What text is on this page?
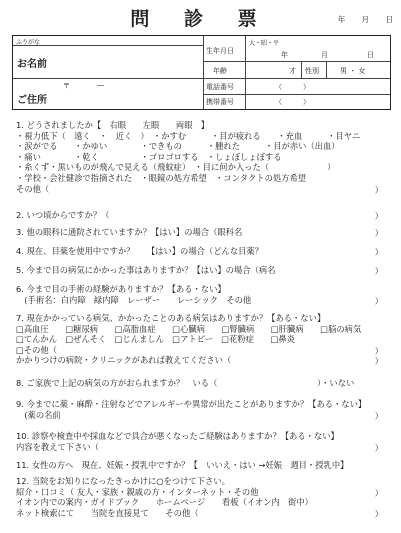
問 診 票	年 月 日
ふりがな
お名前
ご住所
〒	―
生年月日
大・昭・平
年	月	日
年齢	才 性別	男 ・ 女
電話番号	（　　　）
携帯番号	（　　　）
1. どうされましたか【　右眼　　左眼　　両眼　】
・視力低下（　遠く　・　近く　）　・かすむ　　　・目が疲れる　　・充血　　　・目ヤニ
・涙がでる　　・かゆい　　　　・できもの　　　・腫れた　　　・目が赤い（出血）
・痛い　　　　・乾く　　　　　・ゴロゴロする　・しょぼしょぼする
・糸くず・黒いものが飛んで見える（飛蚊症）　・目に何か入った（　　　　　　　）
・学校・会社健診で指摘された　・眼鏡の処方希望　・コンタクトの処方希望
その他（	）
2. いつ頃からですか？（	）
3. 他の眼科に通院されていますか？【はい】の場合（眼科名	）
4. 現在、目薬を使用中ですか？　　【はい】の場合（どんな目薬？	）
5. 今まで目の病気にかかった事はありますか？【はい】の場合（病名	）
6. 今まで目の手術の経験がありますか？【ある・ない】
　(手術名：白内障　緑内障　レーザー　　レーシック　その他	）
7. 現在かかっている病気、かかったことのある病気はありますか？【ある・ない】
□高血圧　　□糖尿病　　□高脂血症　　□心臓病　　□腎臓病　　□肝臓病　　□脳の病気
□てんかん　□ぜんそく　□じんましん　□アトピー　□花粉症　　□鼻炎
□その他（	）
かかりつけの病院・クリニックがあれば教えてください（	）
8. ご家族で上記の病気の方がおられますか？　いる（　　　　　　　　　　　　）・いない
9. 今までに薬・麻酔・注射などでアレルギーや異常が出たことがありますか？【ある・ない】
　(薬の名前	）
10. 診察や検査中や採血などで具合が悪くなったご経験はありますか？【ある・ない】
内容を教えて下さい（	）
11. 女性の方へ　現在、妊娠・授乳中ですか？【　いいえ・はい →妊娠　週目・授乳中】
12. 当院をお知りになったきっかけに○をつけて下さい。
紹介・口コミ（ 友人・家族・親戚の方・インターネット・その他	）
イオン内での案内・ガイドブック　　ホームページ　　看板（イオン内　街中）
ネット検索にて　　当院を直接見て　　その他（	）
